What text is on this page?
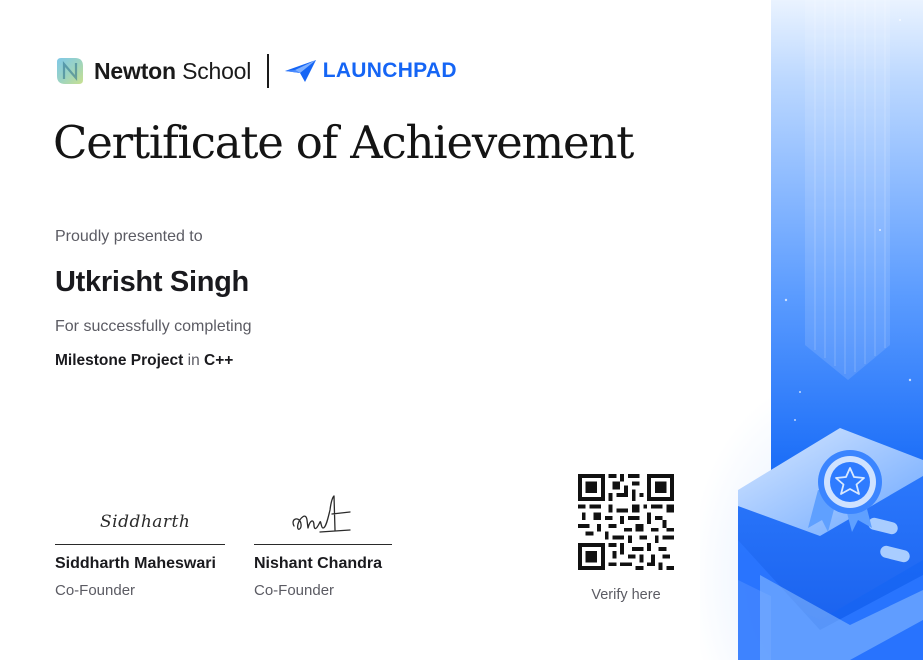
Newton School	LAUNCHPAD
Certificate of Achievement
Proudly presented to
Utkrisht Singh
For successfully completing
Milestone Project in C++
Siddharth
Siddharth Maheswari
Co-Founder
Nishant Chandra
Co-Founder	Verify here
